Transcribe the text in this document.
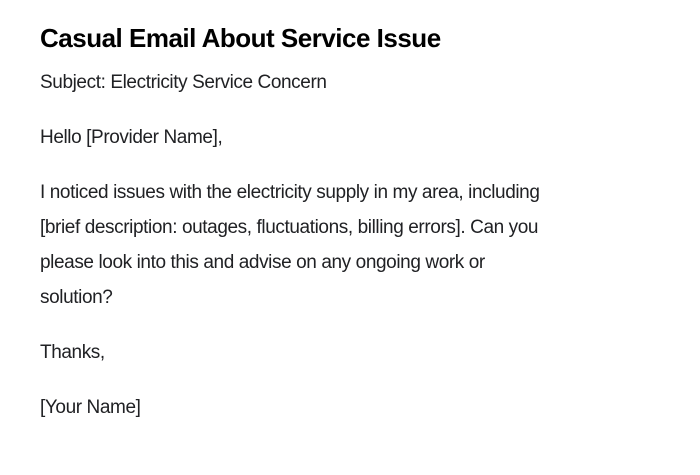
Casual Email About Service Issue

Subject: Electricity Service Concern

Hello [Provider Name],

I noticed issues with the electricity supply in my area, including
[brief description: outages, fluctuations, billing errors]. Can you
please look into this and advise on any ongoing work or
solution?

Thanks,

[Your Name]
